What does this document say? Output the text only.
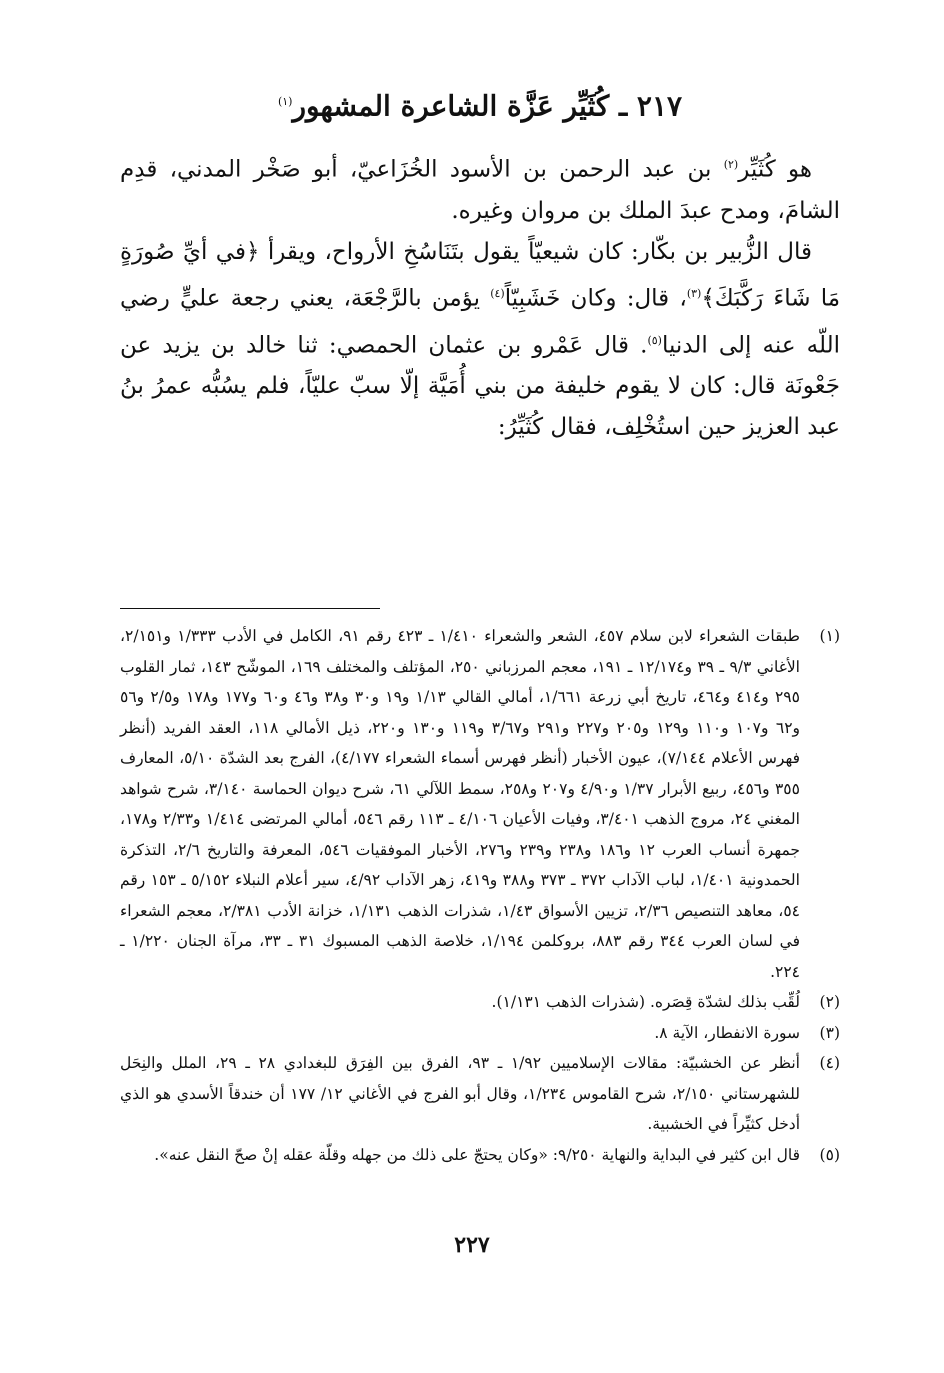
٢١٧ ـ كُثَيِّر عَزَّة الشاعرة المشهور$^{(١)}$

هو كُثَيِّر$^{(٢)}$ بن عبد الرحمن بن الأسود الخُزَاعيّ، أبو صَخْر المدني، قدِم الشامَ، ومدح عبدَ الملك بن مروان وغيره.

قال الزُّبير بن بكّار: كان شيعيّاً يقول بتَنَاسُخِ الأرواح، ويقرأ ﴿في أيِّ صُورَةٍ مَا شَاءَ رَكَّبَكَ﴾$^{(٣)}$، قال: وكان خَشَبِيّاً$^{(٤)}$ يؤمن بالرَّجْعَة، يعني رجعة عليٍّ رضي اللّه عنه إلى الدنيا$^{(٥)}$. قال عَمْرو بن عثمان الحمصي: ثنا خالد بن يزيد عن جَعْونَة قال: كان لا يقوم خليفة من بني أُمَيَّة إلّا سبّ عليّاً، فلم يسُبُّه عمرُ بنُ عبد العزيز حين استُخْلِف، فقال كُثَيِّرُ:

(١)
طبقات الشعراء لابن سلام ٤٥٧، الشعر والشعراء ١/٤١٠ ـ ٤٢٣ رقم ٩١، الكامل في الأدب ١/٣٣٣ و٢/١٥١، الأغاني ٩/٣ ـ ٣٩ و١٢/١٧٤ ـ ١٩١، معجم المرزباني ٢٥٠، المؤتلف والمختلف ١٦٩، الموشّح ١٤٣، ثمار القلوب ٢٩٥ و٤١٤ و٤٦٤، تاريخ أبي زرعة ١/٦٦١، أمالي القالي ١/١٣ و١٩ و٣٠ و٣٨ و٤٦ و٦٠ و١٧٧ و١٧٨ و٢/٥ و٥٦ و٦٢ و١٠٧ و١١٠ و١٢٩ و٢٠٥ و٢٢٧ و٢٩١ و٣/٦٧ و١١٩ و١٣٠ و٢٢٠، ذيل الأمالي ١١٨، العقد الفريد (أنظر فهرس الأعلام ٧/١٤٤)، عيون الأخبار (أنظر فهرس أسماء الشعراء ٤/١٧٧)، الفرج بعد الشدّة ٥/١٠، المعارف ٣٥٥ و٤٥٦، ربيع الأبرار ١/٣٧ و٤/٩٠ و٢٠٧ و٢٥٨، سمط اللآلي ٦١، شرح ديوان الحماسة ٣/١٤٠، شرح شواهد المغني ٢٤، مروج الذهب ٣/٤٠١، وفيات الأعيان ٤/١٠٦ ـ ١١٣ رقم ٥٤٦، أمالي المرتضى ١/٤١٤ و٢/٣٣ و١٧٨، جمهرة أنساب العرب ١٢ و١٨٦ و٢٣٨ و٢٣٩ و٢٧٦، الأخبار الموفقيات ٥٤٦، المعرفة والتاريخ ٢/٦، التذكرة الحمدونية ١/٤٠١، لباب الآداب ٣٧٢ ـ ٣٧٣ و٣٨٨ و٤١٩، زهر الآداب ٤/٩٢، سير أعلام النبلاء ٥/١٥٢ ـ ١٥٣ رقم ٥٤، معاهد التنصيص ٢/٣٦، تزيين الأسواق ١/٤٣، شذرات الذهب ١/١٣١، خزانة الأدب ٢/٣٨١، معجم الشعراء في لسان العرب ٣٤٤ رقم ٨٨٣، بروكلمن ١/١٩٤، خلاصة الذهب المسبوك ٣١ ـ ٣٣، مرآة الجنان ١/٢٢٠ ـ ٢٢٤.
(٢)
لُقِّب بذلك لشدّة قِصَره. (شذرات الذهب ١/١٣١).
(٣)
سورة الانفطار، الآية ٨.
(٤)
أنظر عن الخشبيّة: مقالات الإسلاميين ١/٩٢ ـ ٩٣، الفرق بين الفِرَق للبغدادي ٢٨ ـ ٢٩، الملل والنِحَل للشهرستاني ٢/١٥٠، شرح القاموس ١/٢٣٤، وقال أبو الفرج في الأغاني ١٢/ ١٧٧ أن خندقاً الأسدي هو الذي أدخل كثيِّراً في الخشبية.
(٥)
قال ابن كثير في البداية والنهاية ٩/٢٥٠: «وكان يحتجّ على ذلك من جهله وقلّة عقله إنْ صحّ النقل عنه».
٢٢٧
